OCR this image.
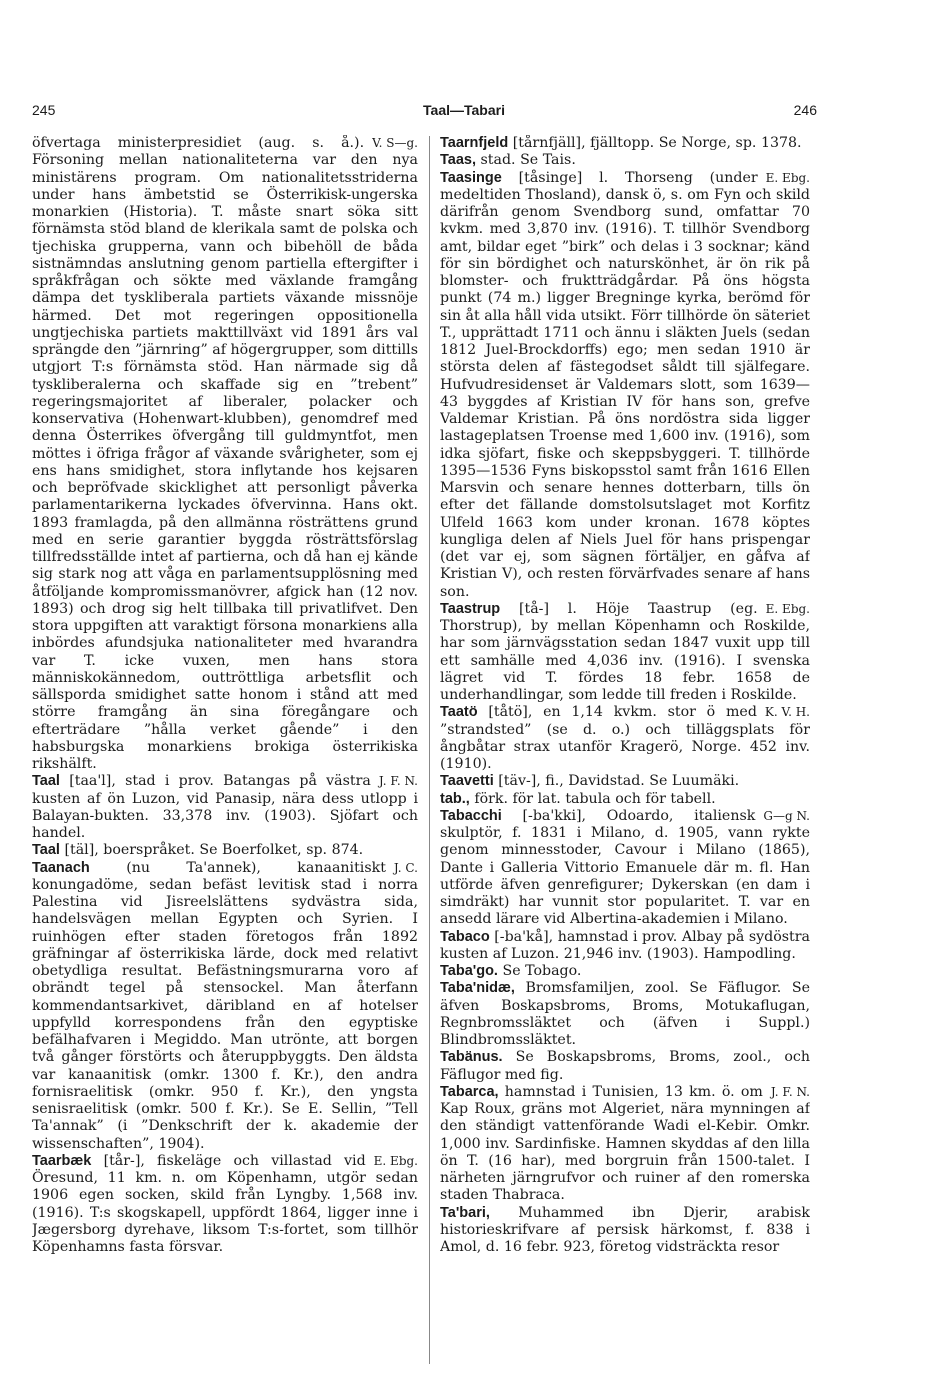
245	Taal—Tabari	246

V. S—g.
öfvertaga ministerpresidiet (aug. s. å.). Försoning mellan nationaliteterna var den nya ministärens program. Om nationalitetsstriderna under hans ämbetstid se Österrikisk-ungerska monarkien (Historia). T. måste snart söka sitt förnämsta stöd bland de klerikala samt de polska och tjechiska grupperna, vann och bibehöll de båda sistnämndas anslutning genom partiella eftergifter i språkfrågan och sökte med växlande framgång dämpa det tyskliberala partiets växande missnöje härmed. Det mot regeringen oppositionella ungtjechiska partiets makttillväxt vid 1891 års val sprängde den ”järnring” af högergrupper, som dittills utgjort T:s förnämsta stöd. Han närmade sig då tyskliberalerna och skaffade sig en ”trebent” regeringsmajoritet af liberaler, polacker och konservativa (Hohenwart-klubben), genomdref med denna Österrikes öfvergång till guldmyntfot, men möttes i öfriga frågor af växande svårigheter, som ej ens hans smidighet, stora inflytande hos kejsaren och bepröfvade skicklighet att personligt påverka parlamentarikerna lyckades öfvervinna. Hans okt. 1893 framlagda, på den allmänna rösträttens grund med en serie garantier byggda rösträttsförslag tillfredsställde intet af partierna, och då han ej kände sig stark nog att våga en parlamentsupplösning med åtföljande kompromissmanövrer, afgick han (12 nov. 1893) och drog sig helt tillbaka till privatlifvet. Den stora uppgiften att varaktigt försona monarkiens alla inbördes afundsjuka nationaliteter med hvarandra var T. icke vuxen, men hans stora människokännedom, outtröttliga arbetsflit och sällsporda smidighet satte honom i stånd att med större framgång än sina föregångare och efterträdare ”hålla verket gående” i den habsburgska monarkiens brokiga österrikiska rikshälft.

J. F. N.
Taal [taa'l], stad i prov. Batangas på västra kusten af ön Luzon, vid Panasip, nära dess utlopp i Balayan-bukten. 33,378 inv. (1903). Sjöfart och handel.

Taal [täl], boerspråket. Se Boerfolket, sp. 874.

J. C.
Taanach	(nu Ta'annek), kanaanitiskt konungadöme, sedan befäst levitisk stad i norra Palestina vid Jisreelslättens sydvästra sida, handelsvägen mellan Egypten och Syrien. I ruinhögen efter staden företogos från 1892 gräfningar af österrikiska lärde, dock med relativt obetydliga resultat. Befästningsmurarna voro af obrändt tegel på stensockel. Man återfann kommendantsarkivet, däribland en af hotelser uppfylld korrespondens från den egyptiske befälhafvaren i Megiddo. Man utrönte, att borgen två gånger förstörts och återuppbyggts. Den äldsta var kanaanitisk (omkr. 1300 f. Kr.), den andra fornisraelitisk (omkr. 950 f. Kr.), den yngsta senisraelitisk (omkr. 500 f. Kr.). Se E. Sellin, ”Tell Ta'annak” (i ”Denkschrift der k. akademie der wissenschaften”, 1904).

E. Ebg.
Taarbæk [tår-], fiskeläge och villastad vid Öresund, 11 km. n. om Köpenhamn, utgör sedan 1906 egen socken, skild från Lyngby. 1,568 inv. (1916). T:s skogskapell, uppfördt 1864, ligger inne i Jægersborg dyrehave, liksom T:s-fortet, som tillhör Köpenhamns fasta försvar.

Taarnfjeld [tårnfjäll], fjälltopp. Se Norge, sp. 1378.

Taas, stad. Se Tais.

E. Ebg.
Taasinge [tåsinge] l. Thorseng (under medeltiden Thosland), dansk ö, s. om Fyn och skild därifrån genom Svendborg sund, omfattar 70 kvkm. med 3,870 inv. (1916). T. tillhör Svendborg amt, bildar eget ”birk” och delas i 3 socknar; känd för sin bördighet och naturskönhet, är ön rik på blomster- och fruktträdgårdar. På öns högsta punkt (74 m.) ligger Bregninge kyrka, berömd för sin åt alla håll vida utsikt. Förr tillhörde ön säteriet T., upprättadt 1711 och ännu i släkten Juels (sedan 1812 Juel-Brockdorffs) ego; men sedan 1910 är största delen af fästegodset såldt till själfegare. Hufvudresidenset är Valdemars slott, som 1639—43 byggdes af Kristian IV för hans son, grefve Valdemar Kristian. På öns nordöstra sida ligger lastageplatsen Troense med 1,600 inv. (1916), som idka sjöfart, fiske och skeppsbyggeri. T. tillhörde 1395—1536 Fyns biskopsstol samt från 1616 Ellen Marsvin och senare hennes dotterbarn, tills ön efter det fällande domstolsutslaget mot Korfitz Ulfeld 1663 kom under kronan. 1678 köptes kungliga delen af Niels Juel för hans prispengar (det var ej, som sägnen förtäljer, en gåfva af Kristian V), och resten förvärfvades senare af hans son.

E. Ebg.
Taastrup [tå-] l. Höje Taastrup (eg. Thorstrup), by mellan Köpenhamn och Roskilde, har som järnvägsstation sedan 1847 vuxit upp till ett samhälle med 4,036 inv. (1916). I svenska lägret vid T. fördes 18 febr. 1658 de underhandlingar, som ledde till freden i Roskilde.

K. V. H.
Taatö [tåtö], en 1,14 kvkm. stor ö med ”strandsted” (se d. o.) och tilläggsplats för ångbåtar strax utanför Kragerö, Norge. 452 inv. (1910).

Taavetti [täv-], fi., Davidstad. Se Luumäki.

tab., förk. för lat. tabula och för tabell.

G—g N.
Tabacchi [-ba'kki], Odoardo, italiensk skulptör, f. 1831 i Milano, d. 1905, vann rykte genom minnesstoder, Cavour i Milano (1865), Dante i Galleria Vittorio Emanuele där m. fl. Han utförde äfven genrefigurer; Dykerskan (en dam i simdräkt) har vunnit stor popularitet. T. var en ansedd lärare vid Albertina-akademien i Milano.

Tabaco [-ba'kå], hamnstad i prov. Albay på sydöstra kusten af Luzon. 21,946 inv. (1903). Hampodling.

Taba'go. Se Tobago.

Taba'nidæ, Bromsfamiljen, zool. Se Fäflugor. Se äfven Boskapsbroms, Broms, Motukaflugan, Regnbromssläktet och (äfven i Suppl.) Blindbromssläktet.

Tabänus. Se Boskapsbroms, Broms, zool., och Fäflugor med fig.

J. F. N.
Tabarca, hamnstad i Tunisien, 13 km. ö. om Kap Roux, gräns mot Algeriet, nära mynningen af den ständigt vattenförande Wadi el-Kebir. Omkr. 1,000 inv. Sardinfiske. Hamnen skyddas af den lilla ön T. (16 har), med borgruin från 1500-talet. I närheten järngrufvor och ruiner af den romerska staden Thabraca.

Ta'bari, Muhammed ibn Djerir, arabisk historieskrifvare af persisk härkomst, f. 838 i Amol, d. 16 febr. 923, företog vidsträckta resor
